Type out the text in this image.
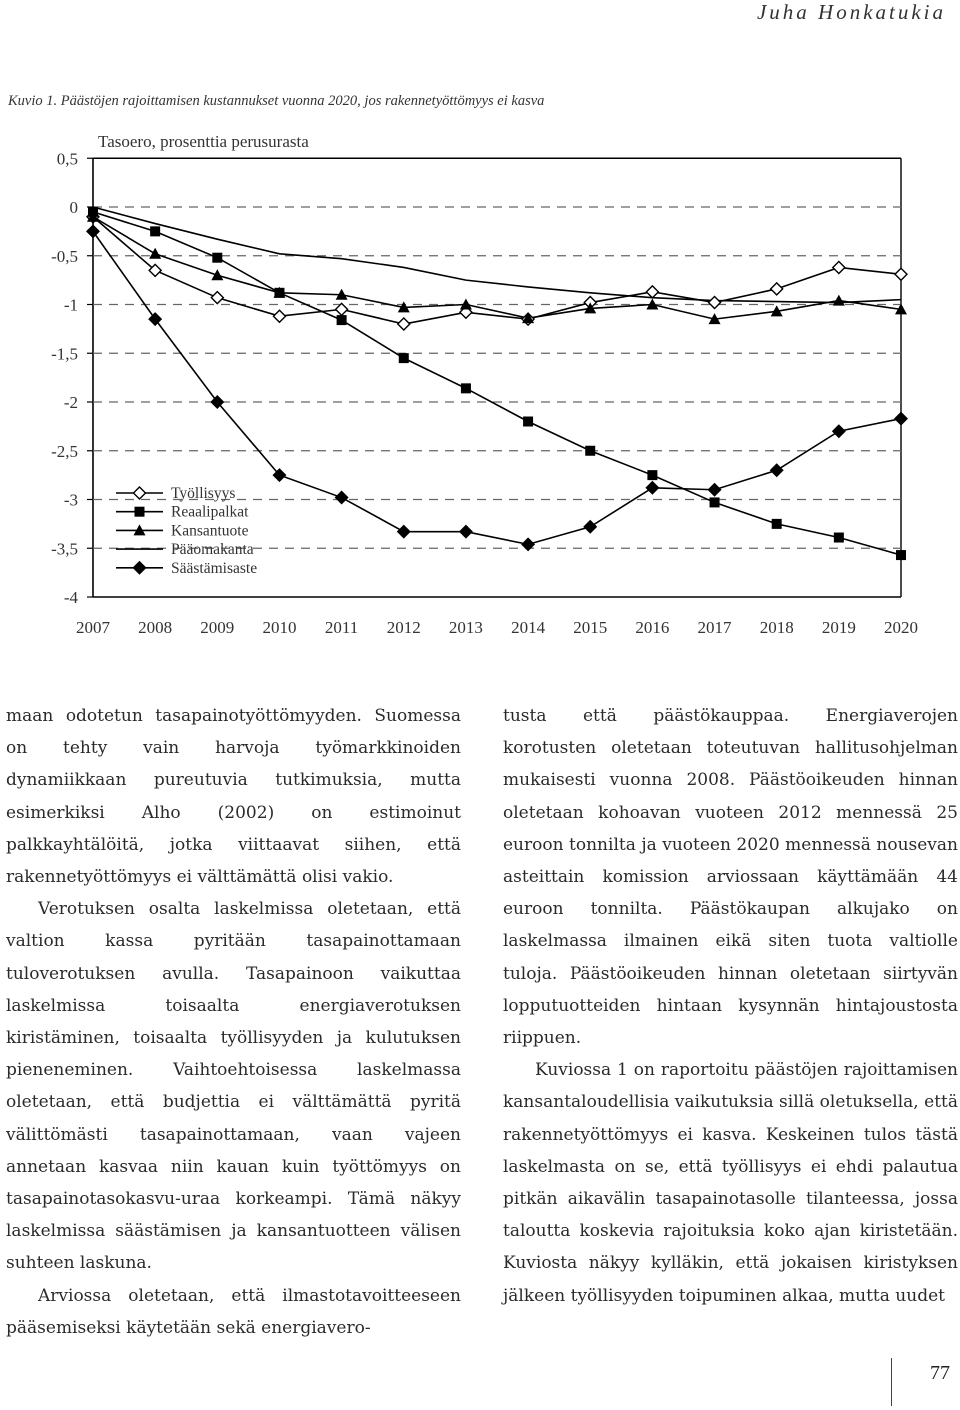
Juha Honkatukia
Kuvio 1. Päästöjen rajoittamisen kustannukset vuonna 2020, jos rakennetyöttömyys ei kasva
Tasoero, prosenttia perusurasta
0,5
0
-0,5
-1
-1,5
-2
-2,5
-3
-3,5
-4
2007 2008 2009 2010 2011 2012 2013 2014 2015 2016 2017 2018 2019 2020
Työllisyys
Reaalipalkat
Kansantuote
Pääomakanta
Säästämisaste

maan odotetun tasapainotyöttömyyden. Suomessa on tehty vain harvoja työmarkkinoiden dynamiikkaan pureutuvia tutkimuksia, mutta esimerkiksi Alho (2002) on estimoinut palkkayhtälöitä, jotka viittaavat siihen, että rakennetyöttömyys ei välttämättä olisi vakio.

Verotuksen osalta laskelmissa oletetaan, että valtion kassa pyritään tasapainottamaan tuloverotuksen avulla. Tasapainoon vaikuttaa laskelmissa toisaalta energiaverotuksen kiristäminen, toisaalta työllisyyden ja kulutuksen pieneneminen. Vaihtoehtoisessa laskelmassa oletetaan, että budjettia ei välttämättä pyritä välittömästi tasapainottamaan, vaan vajeen annetaan kasvaa niin kauan kuin työttömyys on tasapainotasokasvu-uraa korkeampi. Tämä näkyy laskelmissa säästämisen ja kansantuotteen välisen suhteen laskuna.

Arviossa oletetaan, että ilmastotavoitteeseen pääsemiseksi käytetään sekä energiavero-

tusta että päästökauppaa. Energiaverojen korotusten oletetaan toteutuvan hallitusohjelman mukaisesti vuonna 2008. Päästöoikeuden hinnan oletetaan kohoavan vuoteen 2012 mennessä 25 euroon tonnilta ja vuoteen 2020 mennessä nousevan asteittain komission arviossaan käyttämään 44 euroon tonnilta. Päästökaupan alkujako on laskelmassa ilmainen eikä siten tuota valtiolle tuloja. Päästöoikeuden hinnan oletetaan siirtyvän lopputuotteiden hintaan kysynnän hintajoustosta riippuen.

Kuviossa 1 on raportoitu päästöjen rajoittamisen kansantaloudellisia vaikutuksia sillä oletuksella, että rakennetyöttömyys ei kasva. Keskeinen tulos tästä laskelmasta on se, että työllisyys ei ehdi palautua pitkän aikavälin tasapainotasolle tilanteessa, jossa taloutta koskevia rajoituksia koko ajan kiristetään. Kuviosta näkyy kylläkin, että jokaisen kiristyksen jälkeen työllisyyden toipuminen alkaa, mutta uudet

77
